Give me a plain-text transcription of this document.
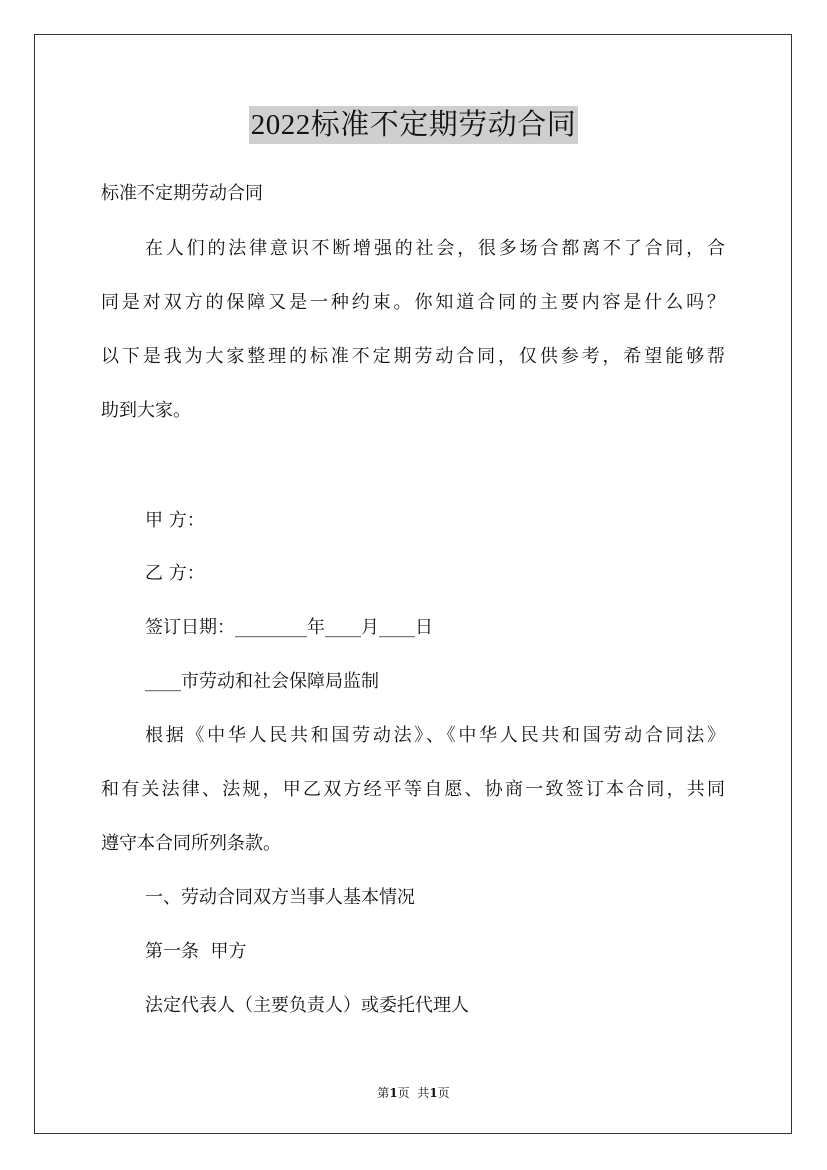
2022标准不定期劳动合同

标准不定期劳动合同

在人们的法律意识不断增强的社会，很多场合都离不了合同，合

同是对双方的保障又是一种约束。你知道合同的主要内容是什么吗？

以下是我为大家整理的标准不定期劳动合同，仅供参考，希望能够帮

助到大家。

甲 方：

乙 方：

签订日期：________年____月____日

____市劳动和社会保障局监制

根据《中华人民共和国劳动法》、《中华人民共和国劳动合同法》

和有关法律、法规，甲乙双方经平等自愿、协商一致签订本合同，共同

遵守本合同所列条款。

一、劳动合同双方当事人基本情况

第一条  甲方

法定代表人（主要负责人）或委托代理人

第1页  共1页
